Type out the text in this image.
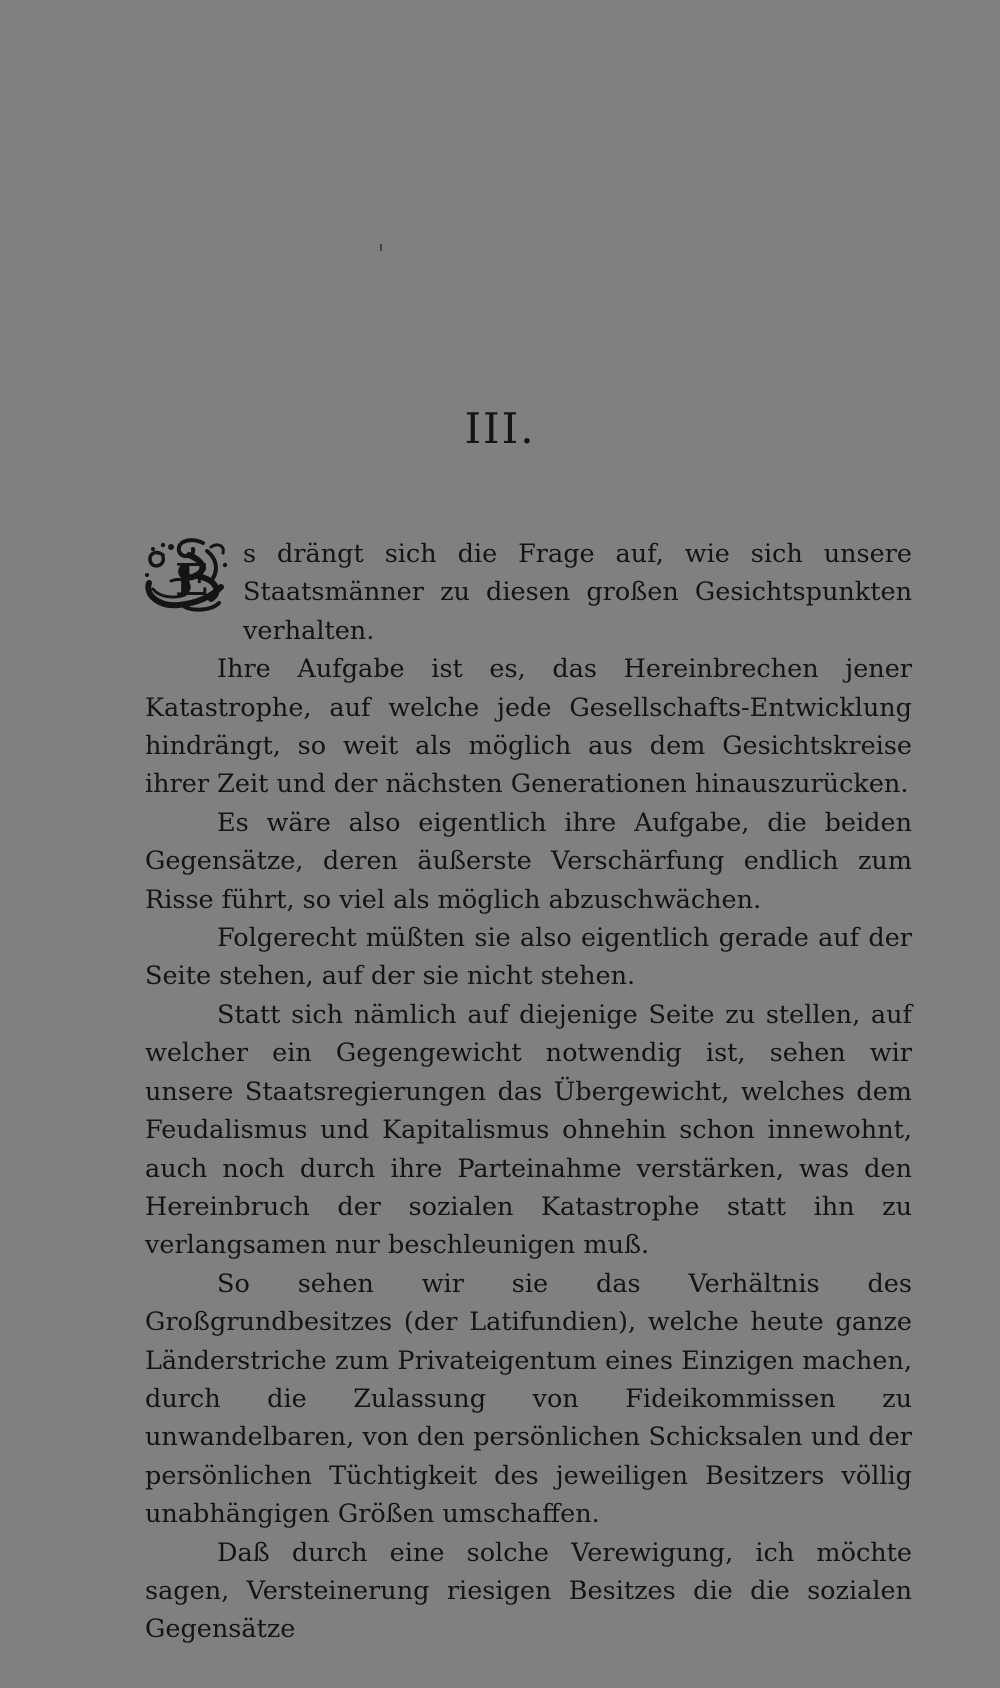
III.

E
s drängt sich die Frage auf, wie sich unsere Staatsmänner zu diesen großen Gesichtspunkten verhalten.

Ihre Aufgabe ist es, das Hereinbrechen jener Katastrophe, auf welche jede Gesellschafts-Entwicklung hindrängt, so weit als möglich aus dem Gesichtskreise ihrer Zeit und der nächsten Generationen hinauszurücken.

Es wäre also eigentlich ihre Aufgabe, die beiden Gegensätze, deren äußerste Verschärfung endlich zum Risse führt, so viel als möglich abzuschwächen.

Folgerecht müßten sie also eigentlich gerade auf der Seite stehen, auf der sie nicht stehen.

Statt sich nämlich auf diejenige Seite zu stellen, auf welcher ein Gegengewicht notwendig ist, sehen wir unsere Staatsregierungen das Übergewicht, welches dem Feudalismus und Kapitalismus ohnehin schon innewohnt, auch noch durch ihre Parteinahme verstärken, was den Hereinbruch der sozialen Katastrophe statt ihn zu verlangsamen nur beschleunigen muß.

So sehen wir sie das Verhältnis des Großgrundbesitzes (der Latifundien), welche heute ganze Länderstriche zum Privateigentum eines Einzigen machen, durch die Zulassung von Fideikommissen zu unwandelbaren, von den persönlichen Schicksalen und der persönlichen Tüchtigkeit des jeweiligen Besitzers völlig unabhängigen Größen umschaffen.

Daß durch eine solche Verewigung, ich möchte sagen, Versteinerung riesigen Besitzes die die sozialen Gegensätze
